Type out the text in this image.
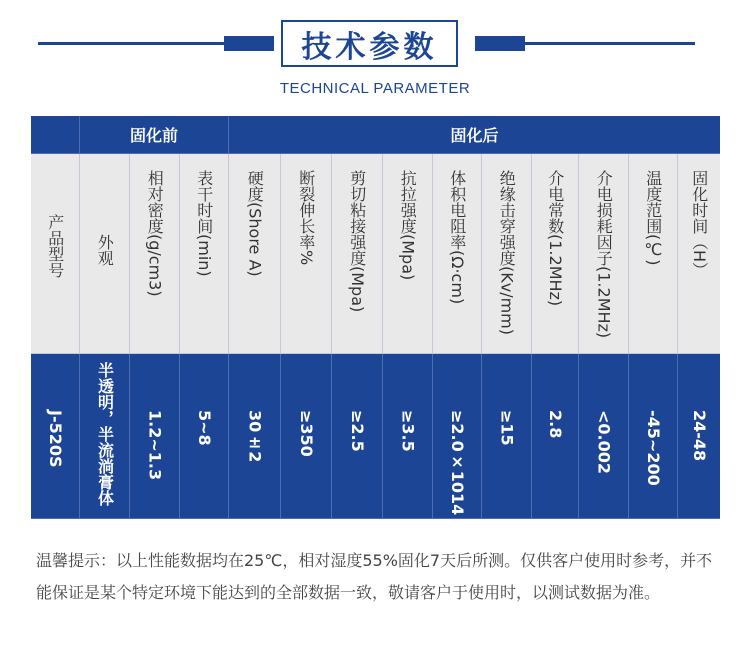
技术参数
TECHNICAL PARAMETER
固化前	固化后
产品型号 外观 相对密度(g/cm3) 表干时间(min) 硬度(Shore A) 断裂伸长率% 剪切粘接强度(Mpa) 抗拉强度(Mpa) 体积电阻率(Ω·cm) 绝缘击穿强度(Kv/mm) 介电常数(1.2MHz) 介电损耗因子(1.2MHz) 温度范围(℃) 固化时间（H）
J-520S 半透明，半流淌膏体 1.2~1.3 5~8 30±2 ≥350 ≥2.5 ≥3.5 ≥2.0×1014 ≥15 2.8 <0.002 -45~200 24-48
温馨提示：以上性能数据均在25℃，相对湿度55%固化7天后所测。仅供客户使用时参考，并不能保证是某个特定环境下能达到的全部数据一致，敬请客户于使用时，以测试数据为准。
